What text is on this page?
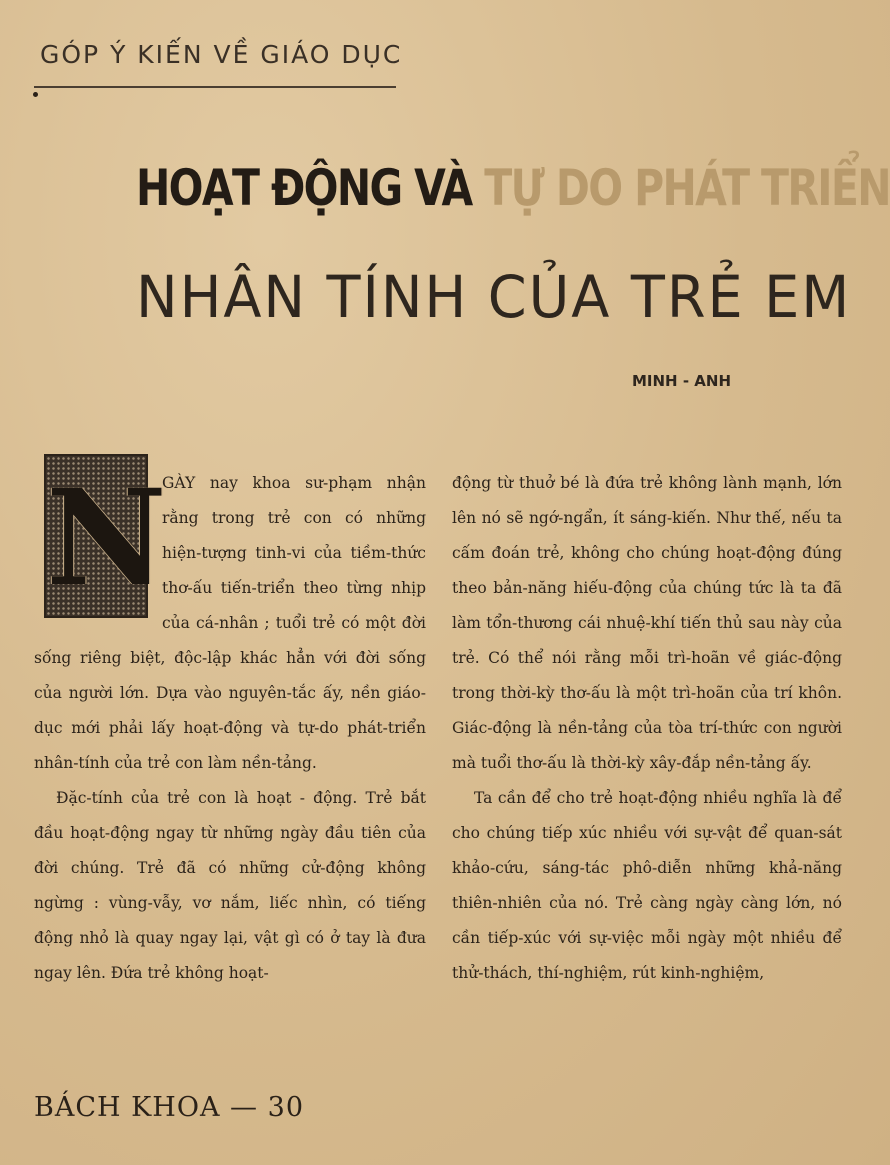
GÓP Ý KIẾN VỀ GIÁO DỤC
HOẠT ĐỘNG VÀ TỰ DO PHÁT TRIỂN
NHÂN TÍNH CỦA TRẺ EM
MINH - ANH

N
GÀY nay khoa sư-phạm nhận rằng trong trẻ con có những hiện-tượng tinh-vi của tiềm-thức thơ-ấu tiến-triển theo từng nhịp của cá-nhân ; tuổi trẻ có một đời sống riêng biệt, độc-lập khác hẳn với đời sống của người lớn. Dựa vào nguyên-tắc ấy, nền giáo-dục mới phải lấy hoạt-động và tự-do phát-triển nhân-tính của trẻ con làm nền-tảng.

Đặc-tính của trẻ con là hoạt - động. Trẻ bắt đầu hoạt-động ngay từ những ngày đầu tiên của đời chúng. Trẻ đã có những cử-động không ngừng : vùng-vẫy, vơ nắm, liếc nhìn, có tiếng động nhỏ là quay ngay lại, vật gì có ở tay là đưa ngay lên. Đứa trẻ không hoạt-

động từ thuở bé là đứa trẻ không lành mạnh, lớn lên nó sẽ ngớ-ngẩn, ít sáng-kiến. Như thế, nếu ta cấm đoán trẻ, không cho chúng hoạt-động đúng theo bản-năng hiếu-động của chúng tức là ta đã làm tổn-thương cái nhuệ-khí tiến thủ sau này của trẻ. Có thể nói rằng mỗi trì-hoãn về giác-động trong thời-kỳ thơ-ấu là một trì-hoãn của trí khôn. Giác-động là nền-tảng của tòa trí-thức con người mà tuổi thơ-ấu là thời-kỳ xây-đắp nền-tảng ấy.

Ta cần để cho trẻ hoạt-động nhiều nghĩa là để cho chúng tiếp xúc nhiều với sự-vật để quan-sát khảo-cứu, sáng-tác phô-diễn những khả-năng thiên-nhiên của nó. Trẻ càng ngày càng lớn, nó cần tiếp-xúc với sự-việc mỗi ngày một nhiều để thử-thách, thí-nghiệm, rút kinh-nghiệm,

BÁCH KHOA — 30
